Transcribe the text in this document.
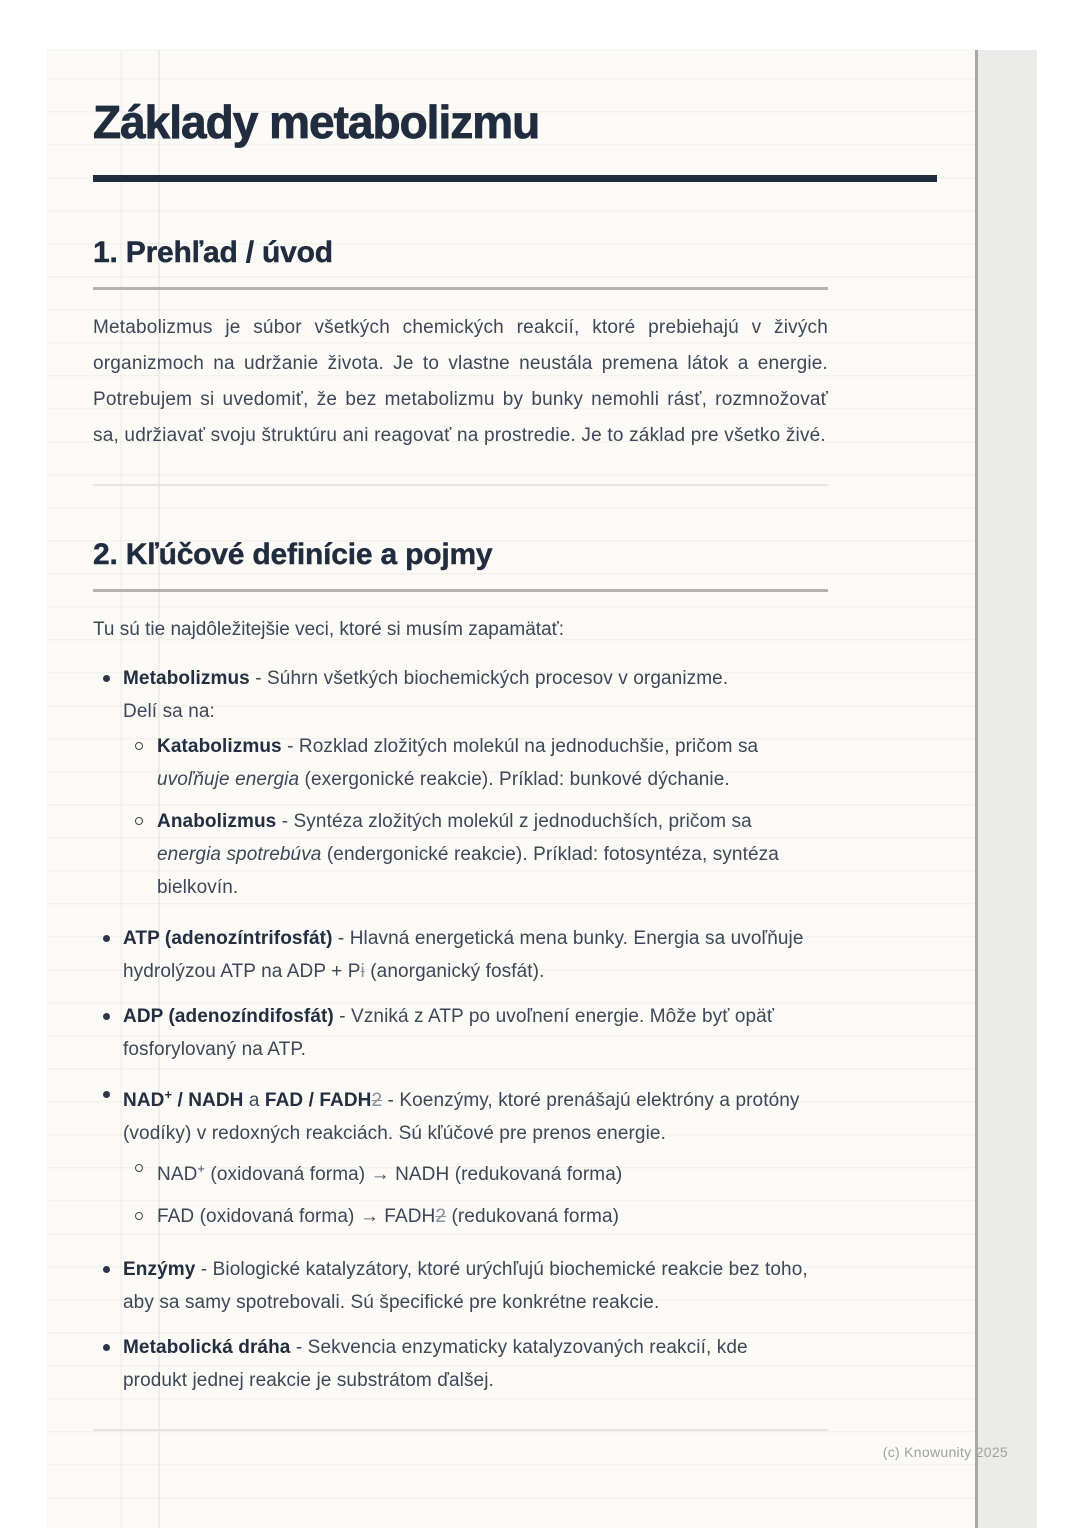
Základy metabolizmu
1. Prehľad / úvod

Metabolizmus je súbor všetkých chemických reakcií, ktoré prebiehajú v živých organizmoch na udržanie života. Je to vlastne neustála premena látok a energie. Potrebujem si uvedomiť, že bez metabolizmu by bunky nemohli rásť, rozmnožovať sa, udržiavať svoju štruktúru ani reagovať na prostredie. Je to základ pre všetko živé.

2. Kľúčové definície a pojmy

Tu sú tie najdôležitejšie veci, ktoré si musím zapamätať:

Metabolizmus - Súhrn všetkých biochemických procesov v organizme.
Delí sa na:
Katabolizmus - Rozklad zložitých molekúl na jednoduchšie, pričom sa uvoľňuje energia (exergonické reakcie). Príklad: bunkové dýchanie.
Anabolizmus - Syntéza zložitých molekúl z jednoduchších, pričom sa energia spotrebúva (endergonické reakcie). Príklad: fotosyntéza, syntéza bielkovín.
ATP (adenozíntrifosfát) - Hlavná energetická mena bunky. Energia sa uvoľňuje hydrolýzou ATP na ADP + Pi (anorganický fosfát).
ADP (adenozíndifosfát) - Vzniká z ATP po uvoľnení energie. Môže byť opäť fosforylovaný na ATP.
NAD+ / NADH a FAD / FADH2 - Koenzýmy, ktoré prenášajú elektróny a protóny (vodíky) v redoxných reakciách. Sú kľúčové pre prenos energie.
NAD+ (oxidovaná forma) → NADH (redukovaná forma)
FAD (oxidovaná forma) → FADH2 (redukovaná forma)
Enzýmy - Biologické katalyzátory, ktoré urýchľujú biochemické reakcie bez toho, aby sa samy spotrebovali. Sú špecifické pre konkrétne reakcie.
Metabolická dráha - Sekvencia enzymaticky katalyzovaných reakcií, kde produkt jednej reakcie je substrátom ďalšej.
(c) Knowunity 2025
